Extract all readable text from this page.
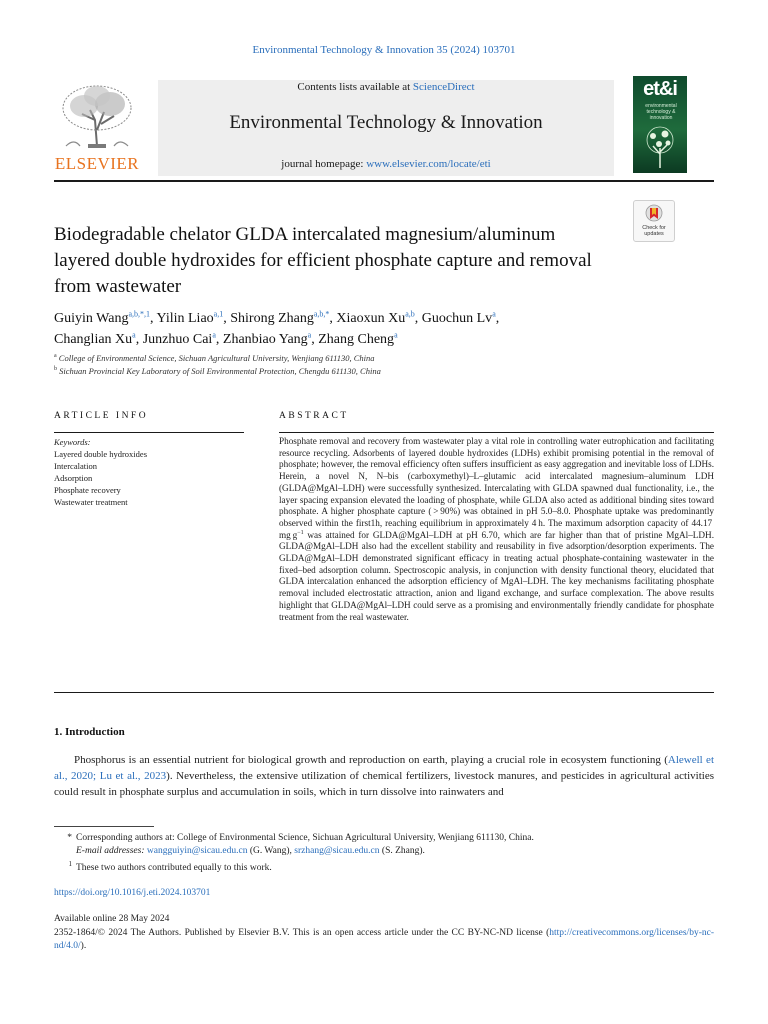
Environmental Technology & Innovation 35 (2024) 103701
ELSEVIER
Contents lists available at ScienceDirect
Environmental Technology & Innovation
journal homepage: www.elsevier.com/locate/eti
et&i
environmental technology & innovation
Biodegradable chelator GLDA intercalated magnesium/aluminum layered double hydroxides for efficient phosphate capture and removal from wastewater
Check for updates
Guiyin Wang$^{a,b,*,1}$, Yilin Liao$^{a,1}$, Shirong Zhang$^{a,b,*}$, Xiaoxun Xu$^{a,b}$, Guochun Lv$^a$,
Changlian Xu$^a$, Junzhuo Cai$^a$, Zhanbiao Yang$^a$, Zhang Cheng$^a$
$^a$ College of Environmental Science, Sichuan Agricultural University, Wenjiang 611130, China
$^b$ Sichuan Provincial Key Laboratory of Soil Environmental Protection, Chengdu 611130, China
ARTICLE INFO
Keywords:
Layered double hydroxides
Intercalation
Adsorption
Phosphate recovery
Wastewater treatment
ABSTRACT
Phosphate removal and recovery from wastewater play a vital role in controlling water eutrophication and facilitating resource recycling. Adsorbents of layered double hydroxides (LDHs) exhibit promising potential in the removal of phosphate; however, the removal efficiency often suffers insufficient as easy aggregation and inevitable loss of LDHs. Herein, a novel N, N–bis (carboxymethyl)–L–glutamic acid intercalated magnesium–aluminum LDH (GLDA@MgAl–LDH) were successfully synthesized. Intercalating with GLDA spawned dual functionality, i.e., the layer spacing expansion elevated the loading of phosphate, while GLDA also acted as additional binding sites toward phosphate. A higher phosphate capture ( > 90%) was obtained in pH 5.0–8.0. Phosphate uptake was predominantly observed within the first1h, reaching equilibrium in approximately 4 h. The maximum adsorption capacity of 44.17 mg $g^{-1}$ was attained for GLDA@MgAl–LDH at pH 6.70, which are far higher than that of pristine MgAl–LDH. GLDA@MgAl–LDH also had the excellent stability and reusability in five adsorption/desorption experiments. The GLDA@MgAl–LDH demonstrated significant efficacy in treating actual phosphate-containing wastewater in the fixed–bed adsorption column. Spectroscopic analysis, in conjunction with density functional theory, elucidated that GLDA intercalation enhanced the adsorption efficiency of MgAl–LDH. The key mechanisms facilitating phosphate removal included electrostatic attraction, anion and ligand exchange, and surface complexation. The above results highlight that GLDA@MgAl–LDH could serve as a promising and environmentally friendly candidate for phosphate treatment from the real wastewater.
1. Introduction
Phosphorus is an essential nutrient for biological growth and reproduction on earth, playing a crucial role in ecosystem functioning (Alewell et al., 2020; Lu et al., 2023). Nevertheless, the extensive utilization of chemical fertilizers, livestock manures, and pesticides in agricultural activities could result in phosphate surplus and accumulation in soils, which in turn dissolve into rainwaters and
* Corresponding authors at: College of Environmental Science, Sichuan Agricultural University, Wenjiang 611130, China.
E-mail addresses: wangguiyin@sicau.edu.cn (G. Wang), srzhang@sicau.edu.cn (S. Zhang).
1 These two authors contributed equally to this work.
https://doi.org/10.1016/j.eti.2024.103701
Available online 28 May 2024
2352-1864/© 2024 The Authors. Published by Elsevier B.V. This is an open access article under the CC BY-NC-ND license (http://creativecommons.org/licenses/by-nc-nd/4.0/).
